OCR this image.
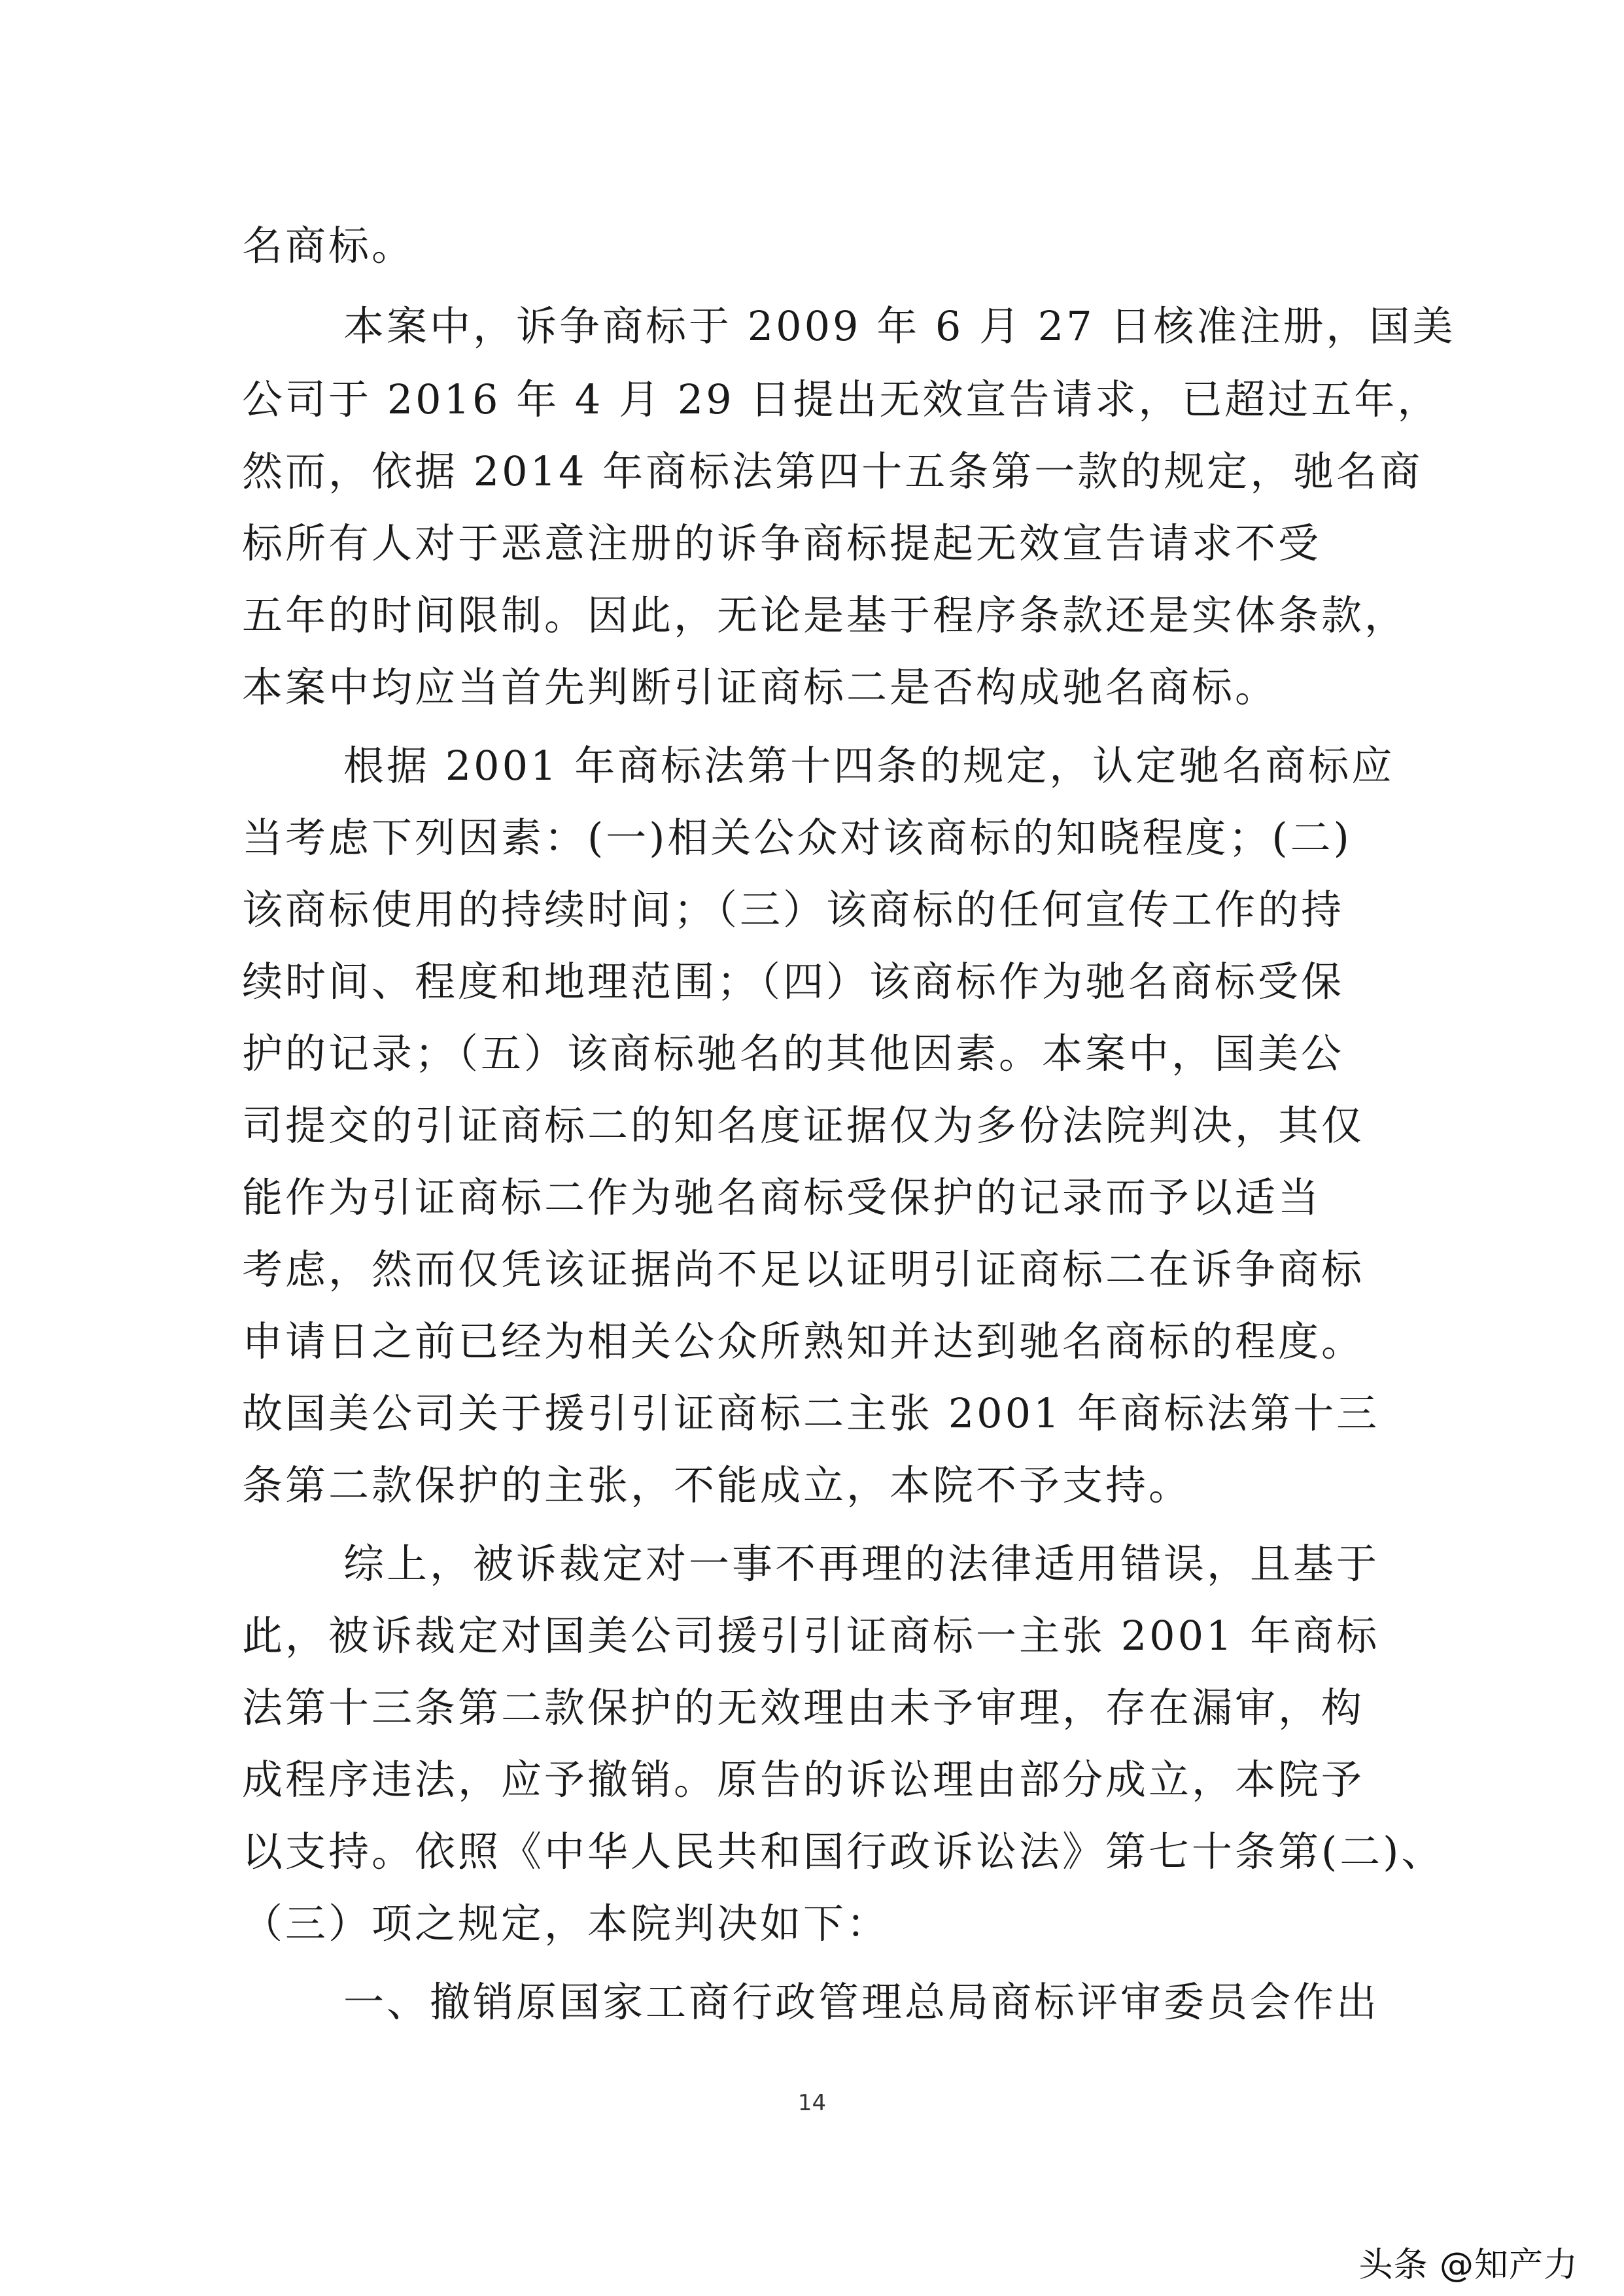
名商标。
本案中，诉争商标于 2009 年 6 月 27 日核准注册，国美
公司于 2016 年 4 月 29 日提出无效宣告请求，已超过五年，
然而，依据 2014 年商标法第四十五条第一款的规定，驰名商
标所有人对于恶意注册的诉争商标提起无效宣告请求不受
五年的时间限制。因此，无论是基于程序条款还是实体条款，
本案中均应当首先判断引证商标二是否构成驰名商标。
根据 2001 年商标法第十四条的规定，认定驰名商标应
当考虑下列因素：(一)相关公众对该商标的知晓程度；(二)
该商标使用的持续时间；（三）该商标的任何宣传工作的持
续时间、程度和地理范围；（四）该商标作为驰名商标受保
护的记录；（五）该商标驰名的其他因素。本案中，国美公
司提交的引证商标二的知名度证据仅为多份法院判决，其仅
能作为引证商标二作为驰名商标受保护的记录而予以适当
考虑，然而仅凭该证据尚不足以证明引证商标二在诉争商标
申请日之前已经为相关公众所熟知并达到驰名商标的程度。
故国美公司关于援引引证商标二主张 2001 年商标法第十三
条第二款保护的主张，不能成立，本院不予支持。
综上，被诉裁定对一事不再理的法律适用错误，且基于
此，被诉裁定对国美公司援引引证商标一主张 2001 年商标
法第十三条第二款保护的无效理由未予审理，存在漏审，构
成程序违法，应予撤销。原告的诉讼理由部分成立，本院予
以支持。依照《中华人民共和国行政诉讼法》第七十条第(二)、
（三）项之规定，本院判决如下：
一、撤销原国家工商行政管理总局商标评审委员会作出
14
头条 @知产力
